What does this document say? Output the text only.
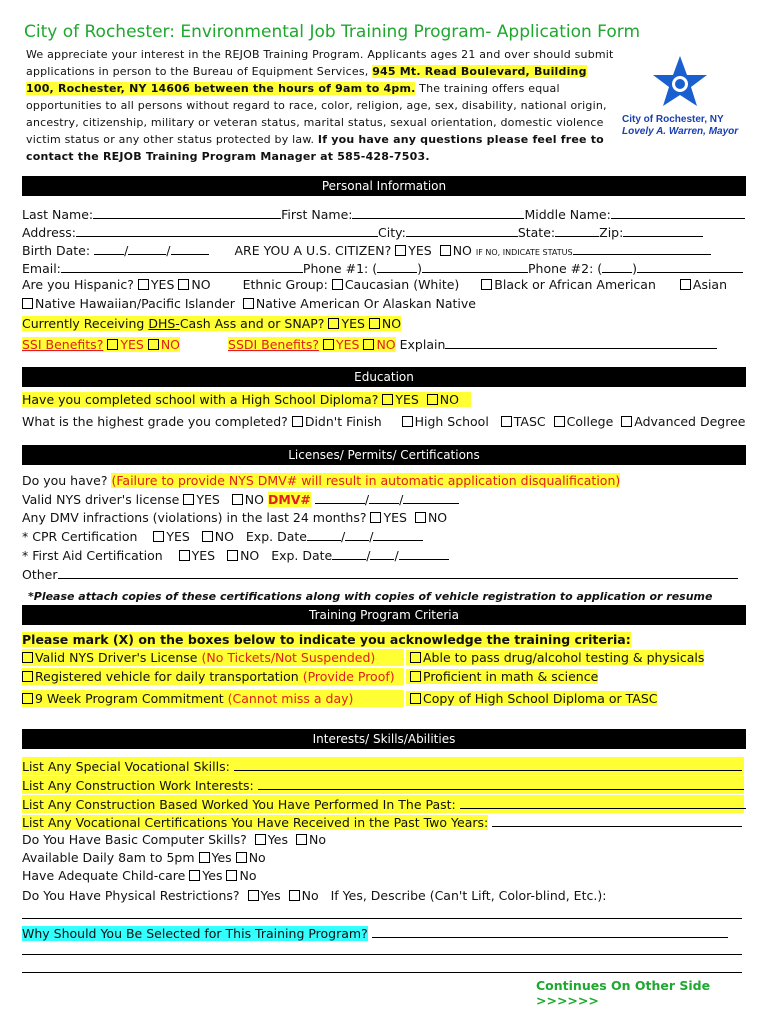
City of Rochester: Environmental Job Training Program- Application Form
We appreciate your interest in the REJOB Training Program. Applicants ages 21 and over should submit applications in person to the Bureau of Equipment Services, 945 Mt. Read Boulevard, Building 100, Rochester, NY 14606 between the hours of 9am to 4pm. The training offers equal opportunities to all persons without regard to race, color, religion, age, sex, disability, national origin, ancestry, citizenship, military or veteran status, marital status, sexual orientation, domestic violence victim status or any other status protected by law. If you have any questions please feel free to contact the REJOB Training Program Manager at 585-428-7503.
City of Rochester, NY
Lovely A. Warren, Mayor
Personal Information
Last Name:	First Name:	Middle Name:
Address:	City:	State:	Zip:
Birth Date:	/	/	ARE YOU A U.S. CITIZEN? YES NO IF NO, INDICATE STATUS
Email:	Phone #1: (	)	Phone #2: ( )
Are you Hispanic? YES NO	Ethnic Group: Caucasian (White)	Black or African American	Asian
Native Hawaiian/Pacific Islander Native American Or Alaskan Native
Currently Receiving DHS-Cash Ass and or SNAP? YES NO
SSI Benefits? YES NO	SSDI Benefits? YES NO Explain
Education
Have you completed school with a High School Diploma? YES NO
What is the highest grade you completed? Didn't Finish	High School TASC College Advanced Degree
Licenses/ Permits/ Certifications
Do you have? (Failure to provide NYS DMV# will result in automatic application disqualification)
Valid NYS driver's license YES NO DMV#	/ /
Any DMV infractions (violations) in the last 24 months? YES NO
* CPR Certification YES NO Exp. Date	/ /
* First Aid Certification YES NO Exp. Date	/ /
Other
*Please attach copies of these certifications along with copies of vehicle registration to application or resume
Training Program Criteria
Please mark (X) on the boxes below to indicate you acknowledge the training criteria:
Valid NYS Driver's License (No Tickets/Not Suspended)	Able to pass drug/alcohol testing & physicals
Registered vehicle for daily transportation (Provide Proof) Proficient in math & science
9 Week Program Commitment (Cannot miss a day)	Copy of High School Diploma or TASC
Interests/ Skills/Abilities
List Any Special Vocational Skills:
List Any Construction Work Interests:
List Any Construction Based Worked You Have Performed In The Past:
List Any Vocational Certifications You Have Received in the Past Two Years:
Do You Have Basic Computer Skills? Yes No
Available Daily 8am to 5pm Yes No
Have Adequate Child-care Yes No
Do You Have Physical Restrictions? Yes No If Yes, Describe (Can't Lift, Color-blind, Etc.):
Why Should You Be Selected for This Training Program?
Continues On Other Side >>>>>>
